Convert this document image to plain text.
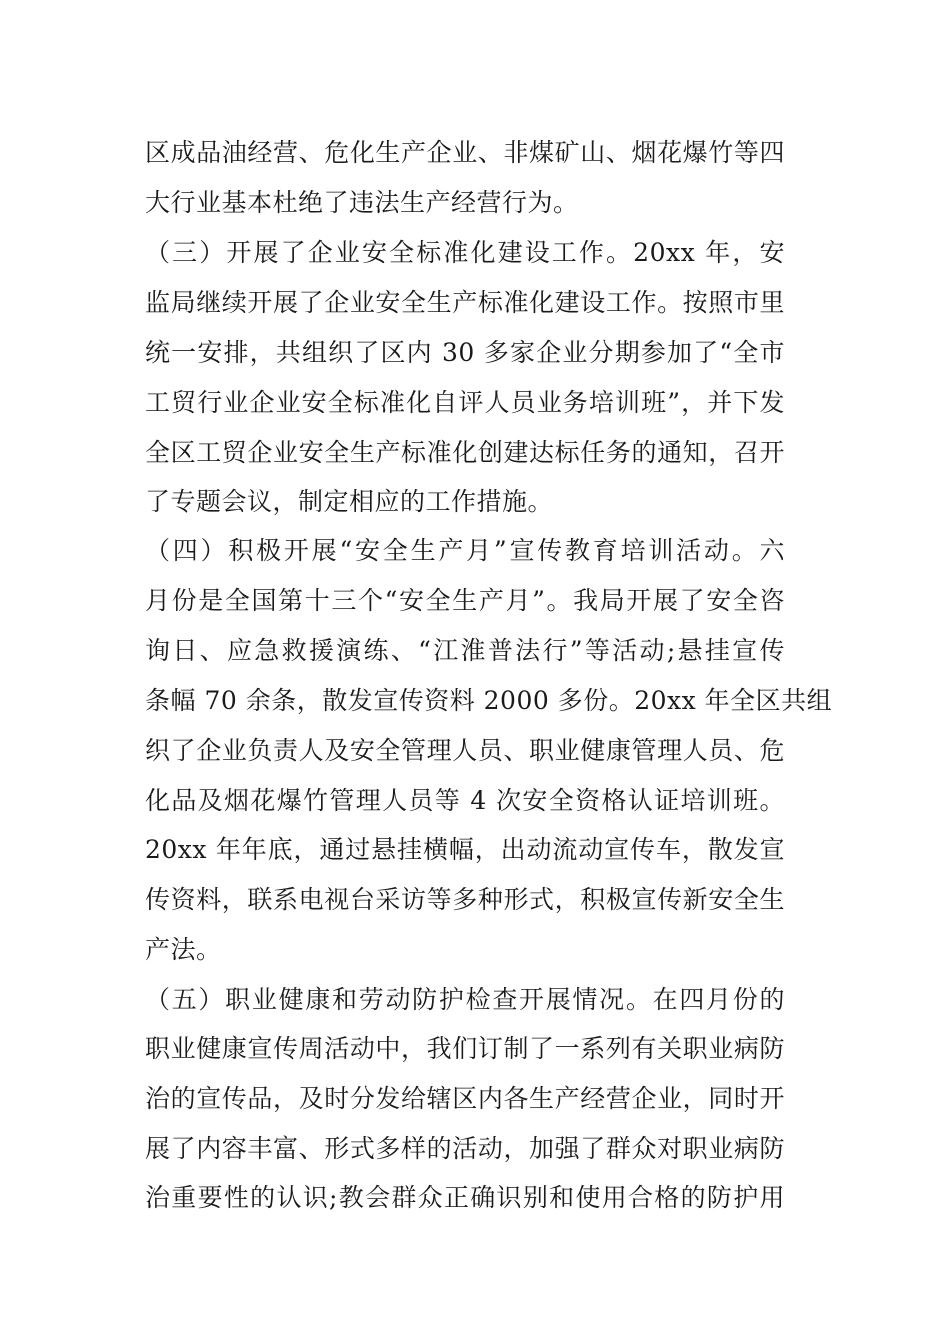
区成品油经营、危化生产企业、非煤矿山、烟花爆竹等四
大行业基本杜绝了违法生产经营行为。
（三）开展了企业安全标准化建设工作。20xx 年，安
监局继续开展了企业安全生产标准化建设工作。按照市里
统一安排，共组织了区内 30 多家企业分期参加了“全市
工贸行业企业安全标准化自评人员业务培训班”，并下发
全区工贸企业安全生产标准化创建达标任务的通知，召开
了专题会议，制定相应的工作措施。
（四）积极开展“安全生产月”宣传教育培训活动。六
月份是全国第十三个“安全生产月”。我局开展了安全咨
询日、应急救援演练、“江淮普法行”等活动;悬挂宣传
条幅 70 余条，散发宣传资料 2000 多份。20xx 年全区共组
织了企业负责人及安全管理人员、职业健康管理人员、危
化品及烟花爆竹管理人员等 4 次安全资格认证培训班。
20xx 年年底，通过悬挂横幅，出动流动宣传车，散发宣
传资料，联系电视台采访等多种形式，积极宣传新安全生
产法。
（五）职业健康和劳动防护检查开展情况。在四月份的
职业健康宣传周活动中，我们订制了一系列有关职业病防
治的宣传品，及时分发给辖区内各生产经营企业，同时开
展了内容丰富、形式多样的活动，加强了群众对职业病防
治重要性的认识;教会群众正确识别和使用合格的防护用
